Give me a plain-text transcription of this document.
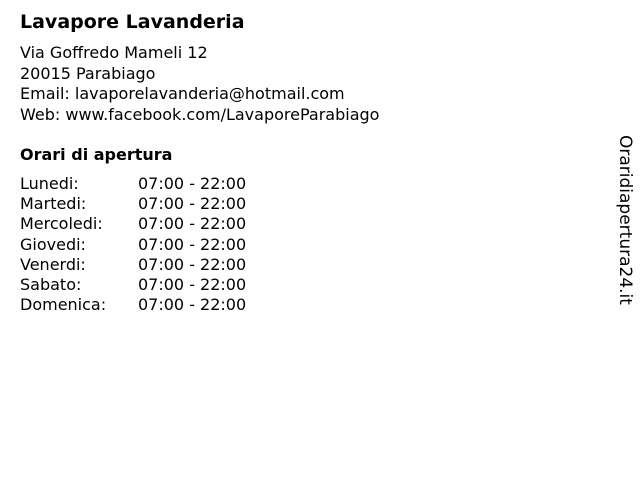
Lavapore Lavanderia
Via Goffredo Mameli 12
20015 Parabiago
Email: lavaporelavanderia@hotmail.com
Web: www.facebook.com/LavaporeParabiago
Orari di apertura
Lunedi:	07:00 - 22:00
Martedi:	07:00 - 22:00
Mercoledi: 07:00 - 22:00
Giovedi:	07:00 - 22:00
Venerdi:	07:00 - 22:00
Sabato:	07:00 - 22:00
Domenica: 07:00 - 22:00	Oraridiapertura24.it
